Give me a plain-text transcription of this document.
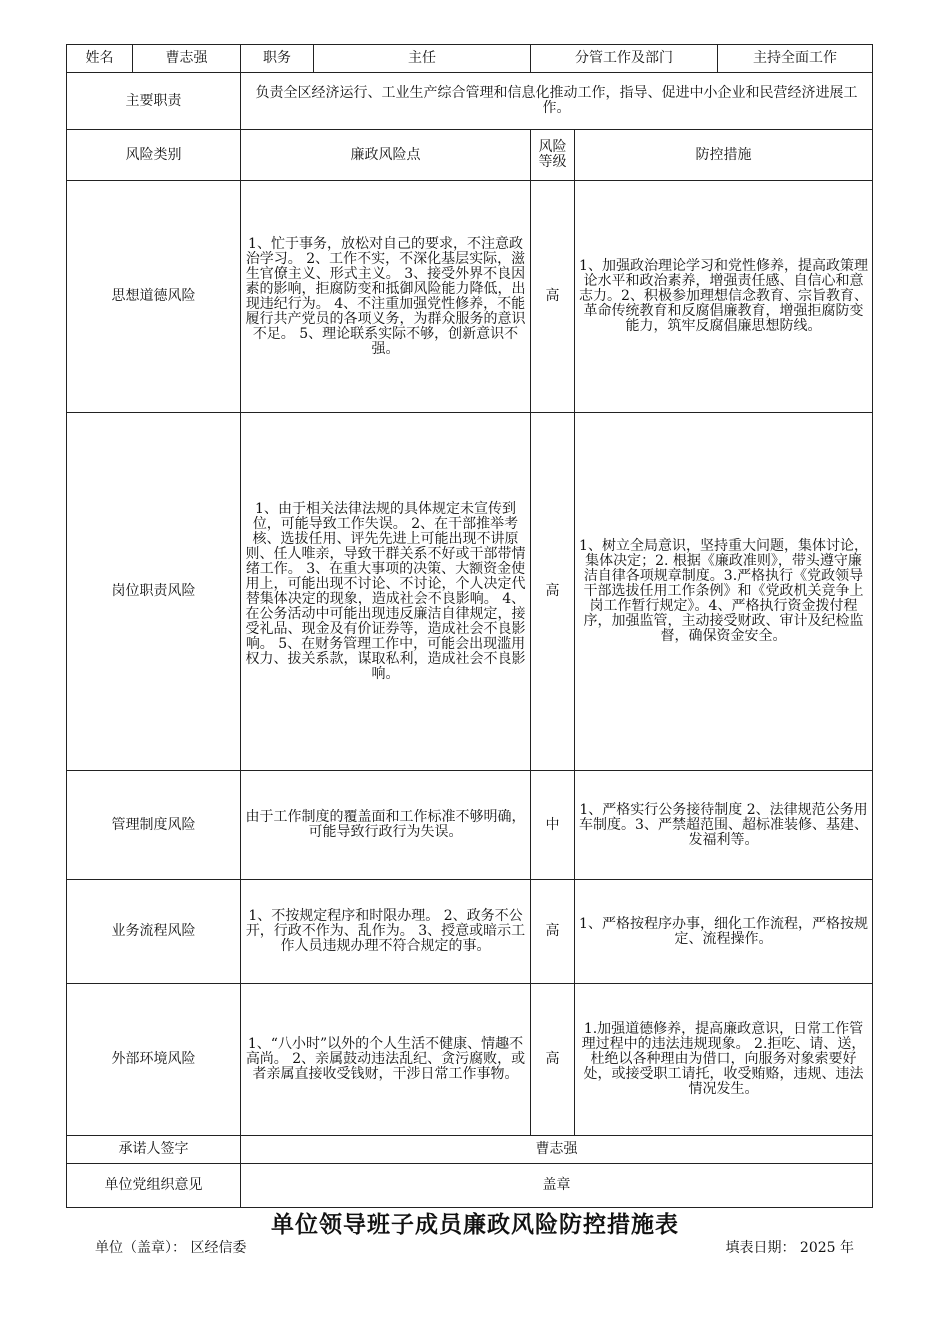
姓名	曹志强	职务	主任	分管工作及部门		主持全面工作
主要职责		负责全区经济运行、工业生产综合管理和信息化推动工作，指导、促进中小企业和民营经济进展工作。				
风险类别		廉政风险点		风险等级	防控措施	
思想道德风险		1、忙于事务，放松对自己的要求，不注意政治学习。 2、工作不实，不深化基层实际，滋生官僚主义、形式主义。 3、接受外界不良因素的影响，拒腐防变和抵御风险能力降低，出现违纪行为。 4、不注重加强党性修养，不能履行共产党员的各项义务，为群众服务的意识不足。 5、理论联系实际不够，创新意识不强。		高	1、加强政治理论学习和党性修养，提高政策理论水平和政治素养，增强责任感、自信心和意志力。2、积极参加理想信念教育、宗旨教育、革命传统教育和反腐倡廉教育，增强拒腐防变能力，筑牢反腐倡廉思想防线。	
岗位职责风险		1、由于相关法律法规的具体规定未宣传到位，可能导致工作失误。 2、在干部推举考核、选拔任用、评先先进上可能出现不讲原则、任人唯亲，导致干群关系不好或干部带情绪工作。 3、在重大事项的决策、大额资金使用上，可能出现不讨论、不讨论，个人决定代替集体决定的现象，造成社会不良影响。 4、在公务活动中可能出现违反廉洁自律规定，接受礼品、现金及有价证券等，造成社会不良影响。 5、在财务管理工作中，可能会出现滥用权力、拔关系款，谋取私利，造成社会不良影响。		高	1、树立全局意识，坚持重大问题，集体讨论，集体决定；2. 根据《廉政准则》，带头遵守廉洁自律各项规章制度。3.严格执行《党政领导干部选拔任用工作条例》和《党政机关竞争上岗工作暂行规定》。4、严格执行资金拨付程序，加强监管，主动接受财政、审计及纪检监督，确保资金安全。	
管理制度风险		由于工作制度的覆盖面和工作标准不够明确，可能导致行政行为失误。		中	1、严格实行公务接待制度 2、法律规范公务用车制度。3、严禁超范围、超标准装修、基建、发福利等。	
业务流程风险		1、不按规定程序和时限办理。 2、政务不公开，行政不作为、乱作为。 3、授意或暗示工作人员违规办理不符合规定的事。		高	1、严格按程序办事，细化工作流程，严格按规定、流程操作。	
外部环境风险		1、“八小时”以外的个人生活不健康、情趣不高尚。 2、亲属鼓动违法乱纪、贪污腐败，或者亲属直接收受钱财，干涉日常工作事物。		高	1.加强道德修养，提高廉政意识，日常工作管理过程中的违法违规现象。 2.拒吃、请、送，杜绝以各种理由为借口，向服务对象索要好处，或接受职工请托，收受贿赂，违规、违法情况发生。	
承诺人签字		曹志强				
单位党组织意见		盖章				
单位领导班子成员廉政风险防控措施表
单位（盖章）： 区经信委	填表日期： 2025 年
